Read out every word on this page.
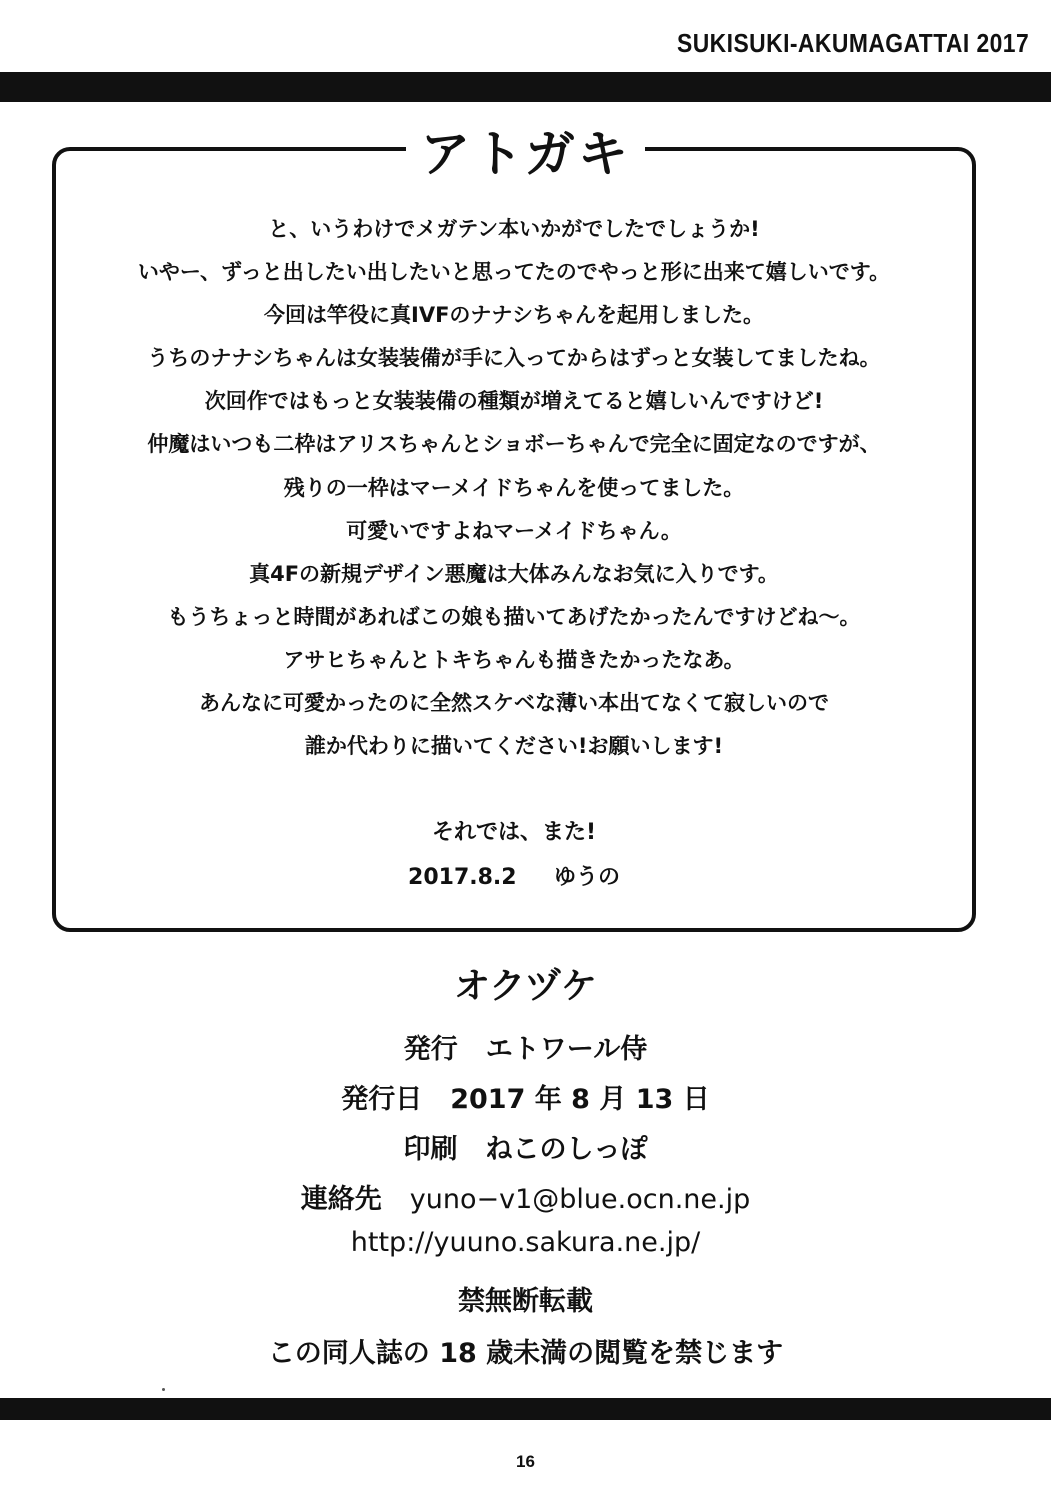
SUKISUKI-AKUMAGATTAI 2017
アトガキ
と、いうわけでメガテン本いかがでしたでしょうか!
いやー、ずっと出したい出したいと思ってたのでやっと形に出来て嬉しいです。
今回は竿役に真IVFのナナシちゃんを起用しました。
うちのナナシちゃんは女装装備が手に入ってからはずっと女装してましたね。
次回作ではもっと女装装備の種類が増えてると嬉しいんですけど!
仲魔はいつも二枠はアリスちゃんとショボーちゃんで完全に固定なのですが、
残りの一枠はマーメイドちゃんを使ってました。
可愛いですよねマーメイドちゃん。
真4Fの新規デザイン悪魔は大体みんなお気に入りです。
もうちょっと時間があればこの娘も描いてあげたかったんですけどね～。
アサヒちゃんとトキちゃんも描きたかったなあ。
あんなに可愛かったのに全然スケベな薄い本出てなくて寂しいので
誰か代わりに描いてください!お願いします!
それでは、また!
2017.8.2 ゆうの
オクヅケ
発行 エトワール侍
発行日 2017 年 8 月 13 日
印刷 ねこのしっぽ
連絡先 yuno−v1@blue.ocn.ne.jp
http://yuuno.sakura.ne.jp/
禁無断転載
この同人誌の 18 歳未満の閲覧を禁じます
16
